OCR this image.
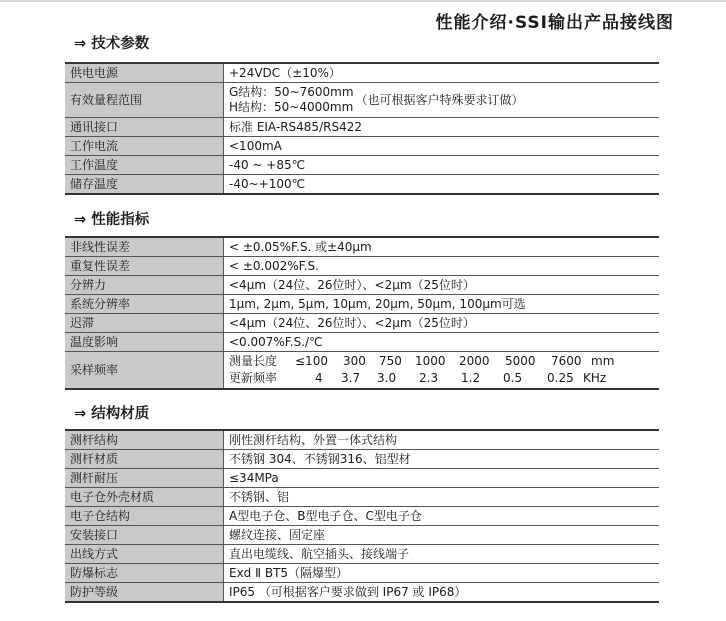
性能介绍·SSI输出产品接线图
⇒ 技术参数
供电电源	+24VDC（±10%）
有效量程范围	G结构：50~7600mm
H结构：50~4000mm （也可根据客户特殊要求订做）

通讯接口	标准 EIA-RS485/RS422
工作电流	<100mA
工作温度	-40 ~ +85℃
储存温度	-40~+100℃
⇒ 性能指标
非线性误差	< ±0.05%F.S. 或±40μm
重复性误差	< ±0.002%F.S.
分辨力	<4μm（24位、26位时）、<2μm（25位时）
系统分辨率	1μm, 2μm, 5μm, 10μm, 20μm, 50μm, 100μm可选
迟滞	<4μm（24位、26位时）、<2μm（25位时）
温度影响	<0.007%F.S./℃
采样频率	测量长度 ≤100 300 750 1000 2000 5000 7600 mm
更新频率 4 3.7 3.0 2.3 1.2 0.5 0.25 KHz
⇒ 结构材质
测杆结构	刚性测杆结构、外置一体式结构
测杆材质	不锈钢 304、不锈钢316、铝型材
测杆耐压	≤34MPa
电子仓外壳材质	不锈钢、铝
电子仓结构	A型电子仓、B型电子仓、C型电子仓
安装接口	螺纹连接、固定座
出线方式	直出电缆线、航空插头、接线端子
防爆标志	Exd Ⅱ BT5（隔爆型）
防护等级	IP65 （可根据客户要求做到 IP67 或 IP68）
